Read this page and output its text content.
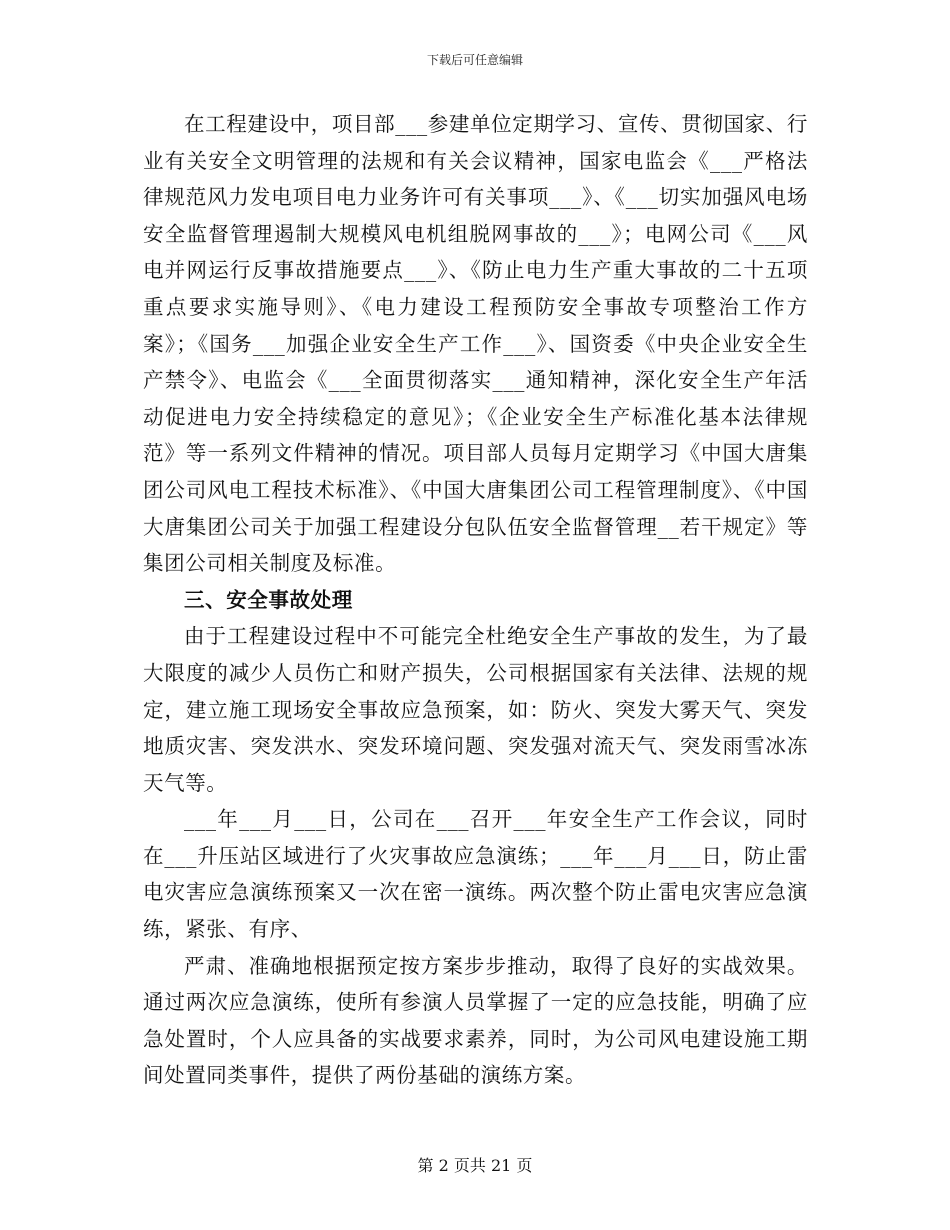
下载后可任意编辑

在工程建设中，项目部___参建单位定期学习、宣传、贯彻国家、行业有关安全文明管理的法规和有关会议精神，国家电监会《___严格法律规范风力发电项目电力业务许可有关事项___》、《___切实加强风电场安全监督管理遏制大规模风电机组脱网事故的___》；电网公司《___风电并网运行反事故措施要点___》、《防止电力生产重大事故的二十五项重点要求实施导则》、《电力建设工程预防安全事故专项整治工作方案》；《国务___加强企业安全生产工作___》、国资委《中央企业安全生产禁令》、电监会《___全面贯彻落实___通知精神，深化安全生产年活动促进电力安全持续稳定的意见》；《企业安全生产标准化基本法律规范》等一系列文件精神的情况。项目部人员每月定期学习《中国大唐集团公司风电工程技术标准》、《中国大唐集团公司工程管理制度》、《中国大唐集团公司关于加强工程建设分包队伍安全监督管理__若干规定》等集团公司相关制度及标准。

三、安全事故处理

由于工程建设过程中不可能完全杜绝安全生产事故的发生，为了最大限度的减少人员伤亡和财产损失，公司根据国家有关法律、法规的规定，建立施工现场安全事故应急预案，如：防火、突发大雾天气、突发地质灾害、突发洪水、突发环境问题、突发强对流天气、突发雨雪冰冻天气等。

___年___月___日，公司在___召开___年安全生产工作会议，同时在___升压站区域进行了火灾事故应急演练；___年___月___日，防止雷电灾害应急演练预案又一次在密一演练。两次整个防止雷电灾害应急演练，紧张、有序、

严肃、准确地根据预定按方案步步推动，取得了良好的实战效果。通过两次应急演练，使所有参演人员掌握了一定的应急技能，明确了应急处置时，个人应具备的实战要求素养，同时，为公司风电建设施工期间处置同类事件，提供了两份基础的演练方案。

第 2 页共 21 页
